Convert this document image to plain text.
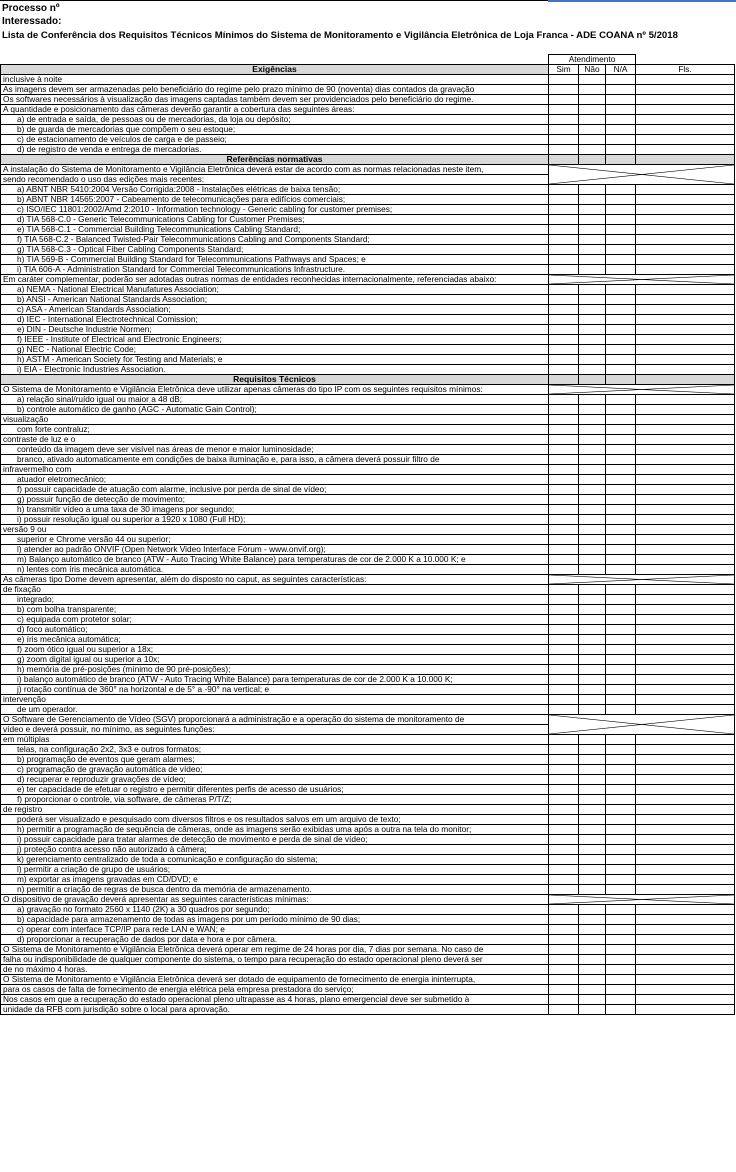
Processo nº
Interessado:
Lista de Conferência dos Requisitos Técnicos Mínimos do Sistema de Monitoramento e Vigilância Eletrônica de Loja Franca - ADE COANA nº 5/2018
	Atendimento			
Exigências	Sim	Não	N/A	Fls.
inclusive à noite				
As imagens devem ser armazenadas pelo beneficiário do regime pelo prazo mínimo de 90 (noventa) dias contados da gravação				
Os softwares necessários à visualização das imagens captadas também devem ser providenciados pelo beneficiário do regime.				
A quantidade e posicionamento das câmeras deverão garantir a cobertura das seguintes áreas:				
a) de entrada e saída, de pessoas ou de mercadorias, da loja ou depósito;				
b) de guarda de mercadorias que compõem o seu estoque;				
c) de estacionamento de veículos de carga e de passeio;				
d) de registro de venda e entrega de mercadorias.				
Referências normativas				
A instalação do Sistema de Monitoramento e Vigilância Eletrônica deverá estar de acordo com as normas relacionadas neste item,	

sendo recomendado o uso das edições mais recentes:				
a) ABNT NBR 5410:2004 Versão Corrigida:2008 - Instalações elétricas de baixa tensão;				
b) ABNT NBR 14565:2007 - Cabeamento de telecomunicações para edifícios comerciais;				
c) ISO/IEC 11801:2002/Amd 2:2010 - Information technology - Generic cabling for customer premises;				
d) TIA 568-C.0 - Generic Telecommunications Cabling for Customer Premises;				
e) TIA 568-C.1 - Commercial Building Telecommunications Cabling Standard;				
f) TIA 568-C.2 - Balanced Twisted-Pair Telecommunications Cabling and Components Standard;				
g) TIA 568-C.3 - Optical Fiber Cabling Components Standard;				
h) TIA 569-B - Commercial Building Standard for Telecommunications Pathways and Spaces; e				
i) TIA 606-A - Administration Standard for Commercial Telecommunications Infrastructure.				
Em caráter complementar, poderão ser adotadas outras normas de entidades reconhecidas internacionalmente, referenciadas abaixo:	

a) NEMA - National Electrical Manufatures Association;				
b) ANSI - American National Standards Association;				
c) ASA - American Standards Association;				
d) IEC - International Electrotechnical Comission;				
e) DIN - Deutsche Industrie Normen;				
f) IEEE - Institute of Electrical and Electronic Engineers;				
g) NEC - National Electric Code;				
h) ASTM - American Society for Testing and Materials; e				
i) EIA - Electronic Industries Association.				
Requisitos Técnicos				
O Sistema de Monitoramento e Vigilância Eletrônica deve utilizar apenas câmeras do tipo IP com os seguintes requisitos mínimos:	

a) relação sinal/ruído igual ou maior a 48 dB;				
b) controle automático de ganho (AGC - Automatic Gain Control);				
visualização				
com forte contraluz;				
contraste de luz e o				
conteúdo da imagem deve ser visível nas áreas de menor e maior luminosidade;				
branco, ativado automaticamente em condições de baixa iluminação e, para isso, a câmera deverá possuir filtro de				
infravermelho com				
atuador eletromecânico;				
f) possuir capacidade de atuação com alarme, inclusive por perda de sinal de vídeo;				
g) possuir função de detecção de movimento;				
h) transmitir vídeo a uma taxa de 30 imagens por segundo;				
i) possuir resolução igual ou superior a 1920 x 1080 (Full HD);				
versão 9 ou				
superior e Chrome versão 44 ou superior;				
l) atender ao padrão ONVIF (Open Network Video Interface Fórum - www.onvif.org);				
m) Balanço automático de branco (ATW - Auto Tracing White Balance) para temperaturas de cor de 2.000 K a 10.000 K; e				
n) lentes com íris mecânica automática.				
As câmeras tipo Dome devem apresentar, além do disposto no caput, as seguintes características:	

de fixação				
integrado;				
b) com bolha transparente;				
c) equipada com protetor solar;				
d) foco automático;				
e) íris mecânica automática;				
f) zoom ótico igual ou superior a 18x;				
g) zoom digital igual ou superior a 10x;				
h) memória de pré-posições (mínimo de 90 pré-posições);				
i) balanço automático de branco (ATW - Auto Tracing White Balance) para temperaturas de cor de 2.000 K a 10.000 K;				
j) rotação contínua de 360° na horizontal e de 5° a -90° na vertical; e				
intervenção				
de um operador.				
O Software de Gerenciamento de Vídeo (SGV) proporcionará a administração e a operação do sistema de monitoramento de	

vídeo e deverá possuir, no mínimo, as seguintes funções:				
em múltiplas				
telas, na configuração 2x2, 3x3 e outros formatos;				
b) programação de eventos que geram alarmes;				
c) programação de gravação automática de vídeo;				
d) recuperar e reproduzir gravações de vídeo;				
e) ter capacidade de efetuar o registro e permitir diferentes perfis de acesso de usuários;				
f) proporcionar o controle, via software, de câmeras P/T/Z;				
de registro				
poderá ser visualizado e pesquisado com diversos filtros e os resultados salvos em um arquivo de texto;				
h) permitir a programação de sequência de câmeras, onde as imagens serão exibidas uma após a outra na tela do monitor;				
i) possuir capacidade para tratar alarmes de detecção de movimento e perda de sinal de vídeo;				
j) proteção contra acesso não autorizado à câmera;				
k) gerenciamento centralizado de toda a comunicação e configuração do sistema;				
l) permitir a criação de grupo de usuários;				
m) exportar as imagens gravadas em CD/DVD; e				
n) permitir a criação de regras de busca dentro da memória de armazenamento.				
O dispositivo de gravação deverá apresentar as seguintes características mínimas:	

a) gravação no formato 2560 x 1140 (2K) a 30 quadros por segundo;				
b) capacidade para armazenamento de todas as imagens por um período mínimo de 90 dias;				
c) operar com interface TCP/IP para rede LAN e WAN; e				
d) proporcionar a recuperação de dados por data e hora e por câmera.				
O Sistema de Monitoramento e Vigilância Eletrônica deverá operar em regime de 24 horas por dia, 7 dias por semana. No caso de				
falha ou indisponibilidade de qualquer componente do sistema, o tempo para recuperação do estado operacional pleno deverá ser				
de no máximo 4 horas.				
O Sistema de Monitoramento e Vigilância Eletrônica deverá ser dotado de equipamento de fornecimento de energia ininterrupta,				
para os casos de falta de fornecimento de energia elétrica pela empresa prestadora do serviço;				
Nos casos em que a recuperação do estado operacional pleno ultrapasse as 4 horas, plano emergencial deve ser submetido à				
unidade da RFB com jurisdição sobre o local para aprovação.				
